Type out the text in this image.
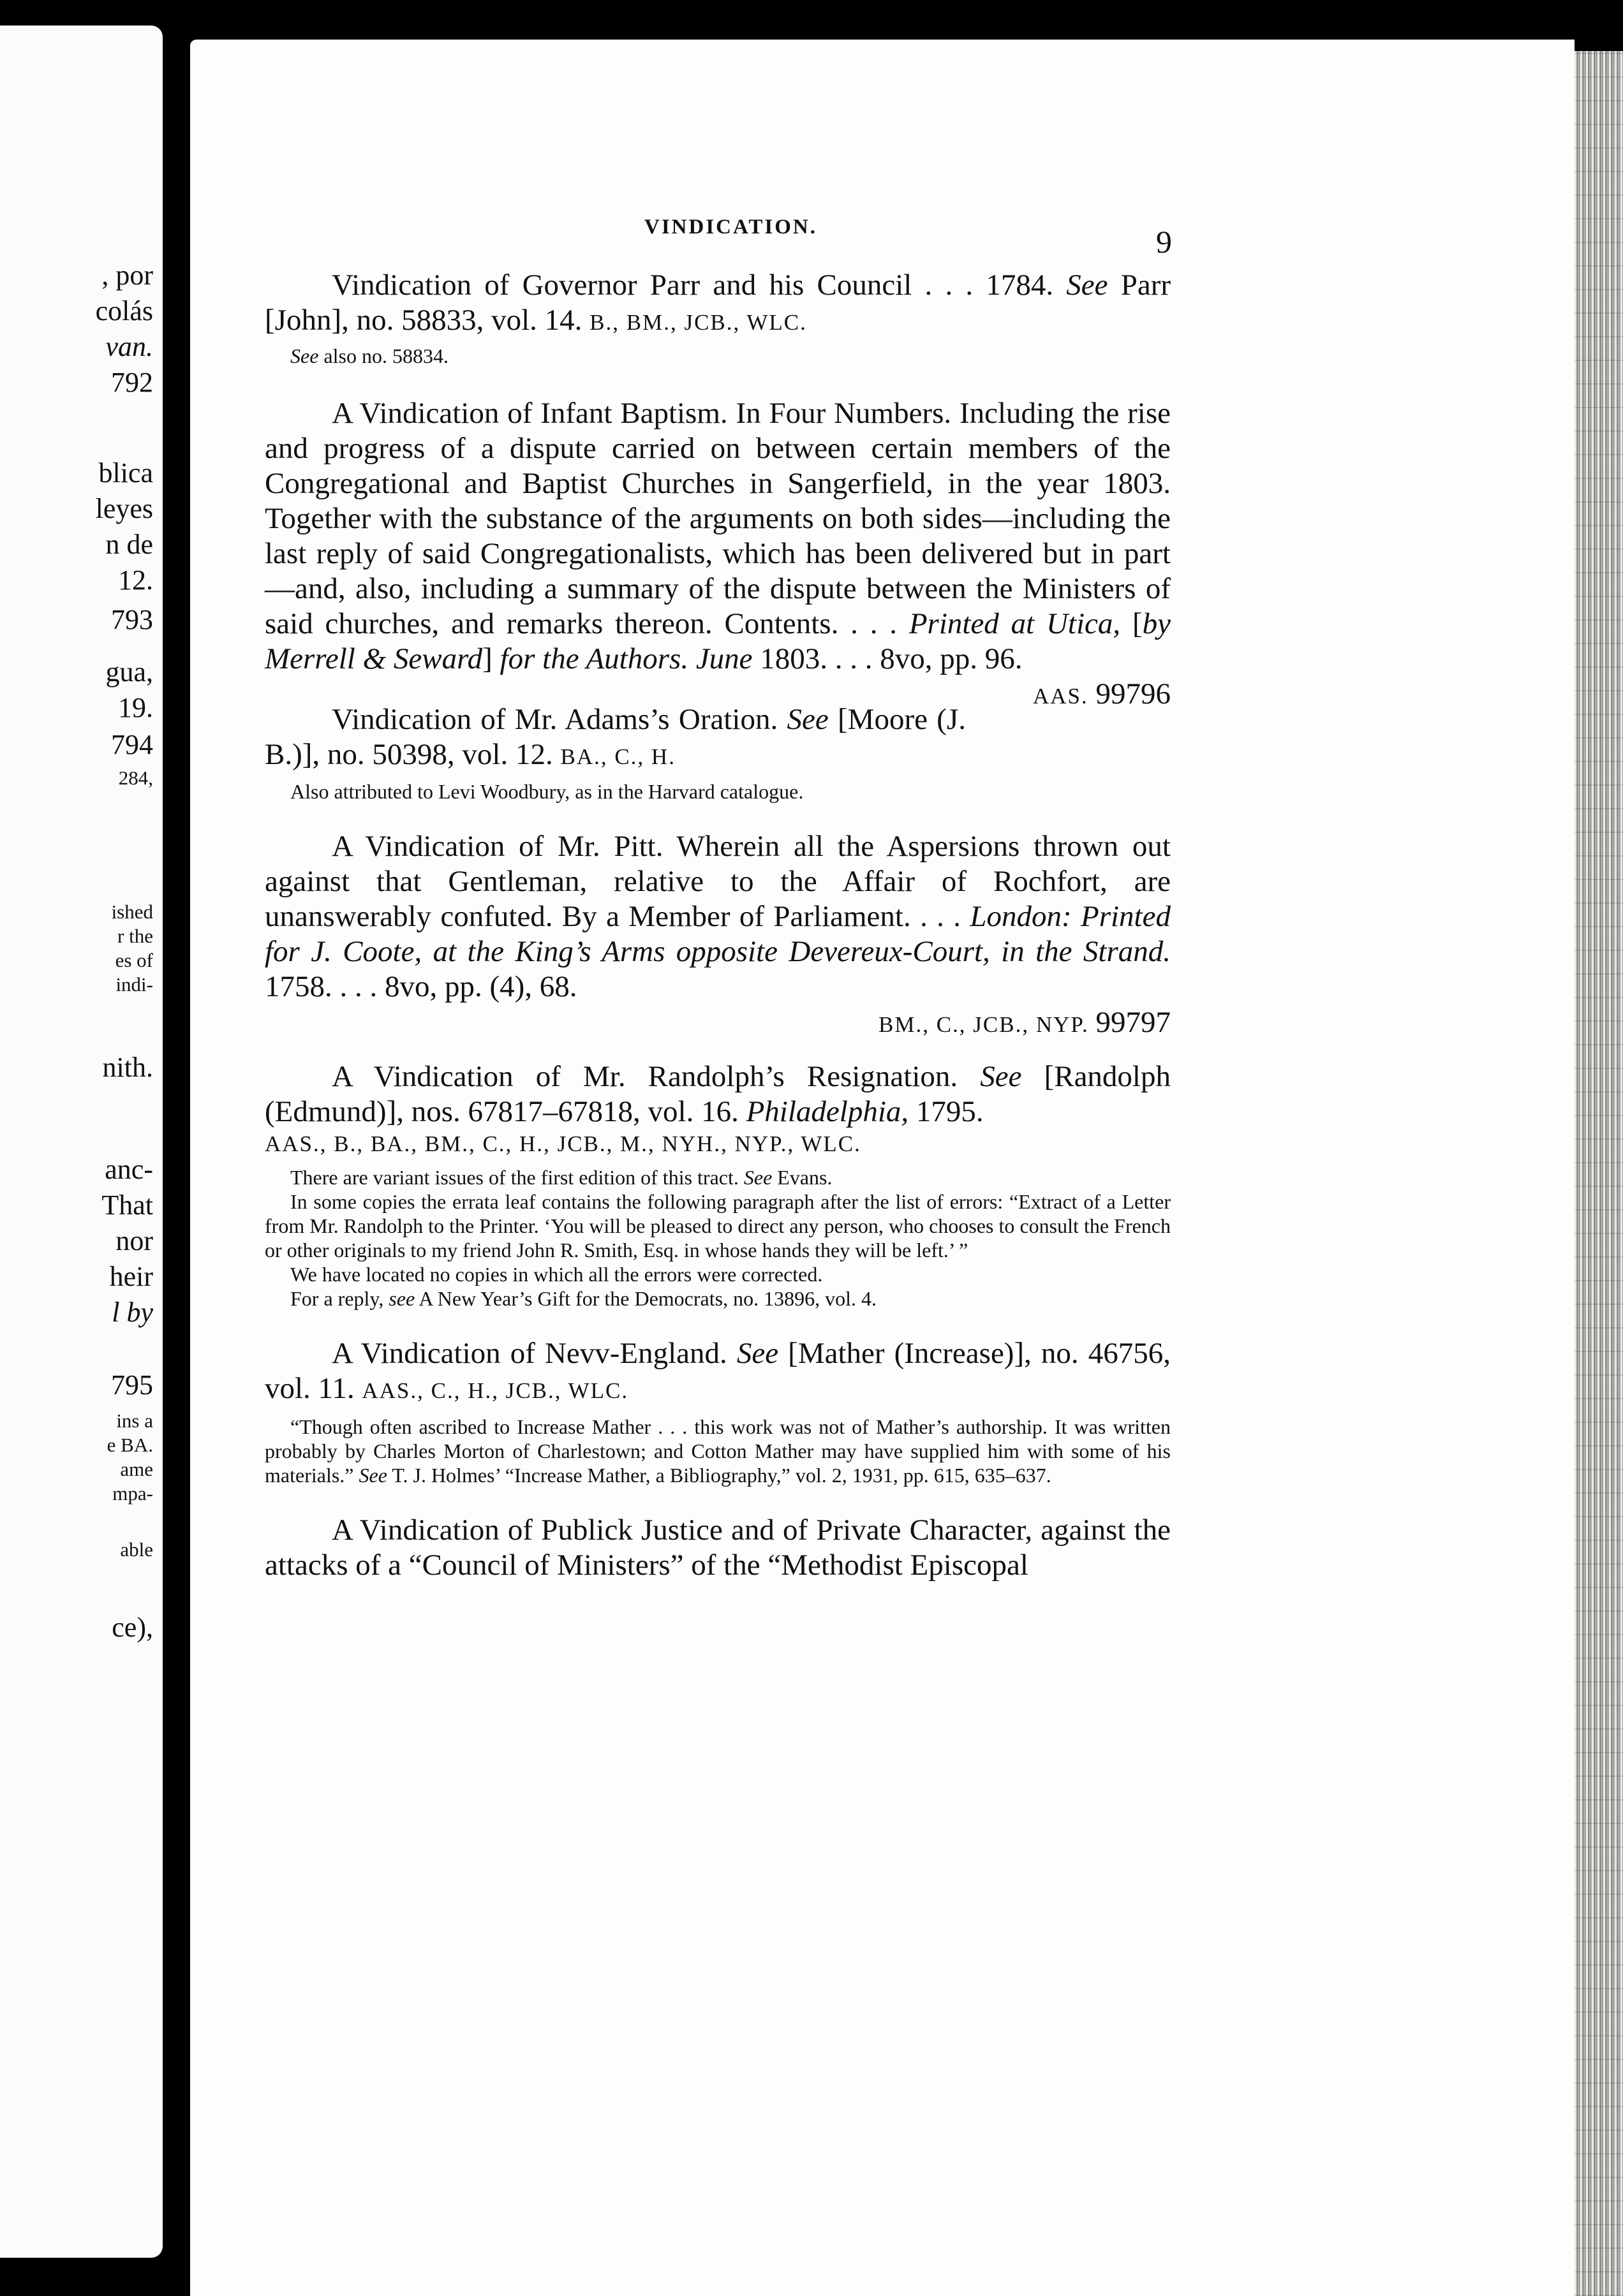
, por
colás
van.
792
blica
leyes
n de
12.
793
gua,
19.
794
284,
ished
r the
es of
indi-
nith.
anc-
That
nor
heir
l by
795
ins a
e BA.
ame
mpa-
able
ce),
VINDICATION.	9

Vindication of Governor Parr and his Council . . . 1784. See Parr [John], no. 58833, vol. 14. B., BM., JCB., WLC.

See also no. 58834.

A Vindication of Infant Baptism. In Four Numbers. Including the rise and progress of a dispute carried on between certain members of the Congregational and Baptist Churches in Sangerfield, in the year 1803. Together with the substance of the arguments on both sides—including the last reply of said Congregationalists, which has been delivered but in part—and, also, including a summary of the dispute between the Ministers of said churches, and remarks thereon. Contents. . . . Printed at Utica, [by Merrell & Seward] for the Authors. June 1803. . . . 8vo, pp. 96.
AAS. 99796

Vindication of Mr. Adams’s Oration. See [Moore (J. B.)], no. 50398, vol. 12. BA., C., H.

Also attributed to Levi Woodbury, as in the Harvard catalogue.

A Vindication of Mr. Pitt. Wherein all the Aspersions thrown out against that Gentleman, relative to the Affair of Rochfort, are unanswerably confuted. By a Member of Parliament. . . . London: Printed for J. Coote, at the King’s Arms opposite Devereux-Court, in the Strand. 1758. . . . 8vo, pp. (4), 68.

BM., C., JCB., NYP. 99797

A Vindication of Mr. Randolph’s Resignation. See [Randolph (Edmund)], nos. 67817–67818, vol. 16. Philadelphia, 1795.

AAS., B., BA., BM., C., H., JCB., M., NYH., NYP., WLC.

There are variant issues of the first edition of this tract. See Evans.

In some copies the errata leaf contains the following paragraph after the list of errors: “Extract of a Letter from Mr. Randolph to the Printer. ‘You will be pleased to direct any person, who chooses to consult the French or other originals to my friend John R. Smith, Esq. in whose hands they will be left.’ ”

We have located no copies in which all the errors were corrected.

For a reply, see A New Year’s Gift for the Democrats, no. 13896, vol. 4.

A Vindication of Nevv-England. See [Mather (Increase)], no. 46756, vol. 11. AAS., C., H., JCB., WLC.

“Though often ascribed to Increase Mather . . . this work was not of Mather’s authorship. It was written probably by Charles Morton of Charlestown; and Cotton Mather may have supplied him with some of his materials.” See T. J. Holmes’ “Increase Mather, a Bibliography,” vol. 2, 1931, pp. 615, 635–637.

A Vindication of Publick Justice and of Private Character, against the attacks of a “Council of Ministers” of the “Methodist Episcopal
